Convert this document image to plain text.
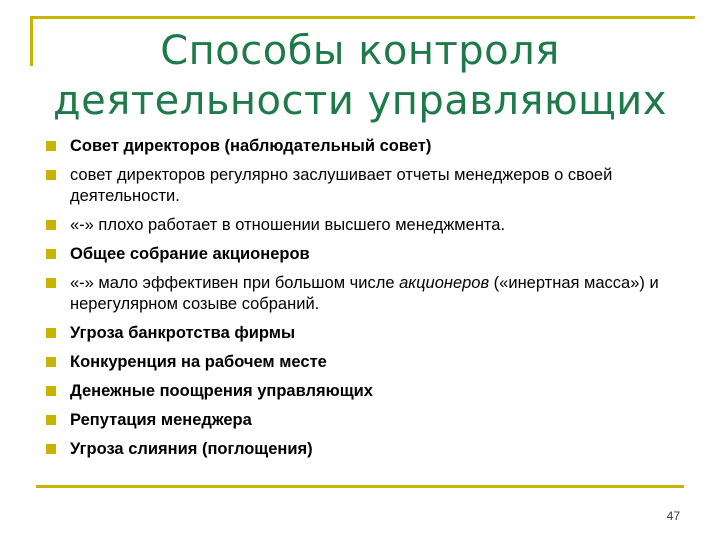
Способы контроля
деятельности управляющих
Совет директоров (наблюдательный совет)
совет директоров регулярно заслушивает отчеты менеджеров о своей деятельности.
«-» плохо работает в отношении высшего менеджмента.
Общее собрание акционеров
«-» мало эффективен при большом числе акционеров («инертная масса») и нерегулярном созыве собраний.
Угроза банкротства фирмы
Конкуренция на рабочем месте
Денежные поощрения управляющих
Репутация менеджера
Угроза слияния (поглощения)
47
